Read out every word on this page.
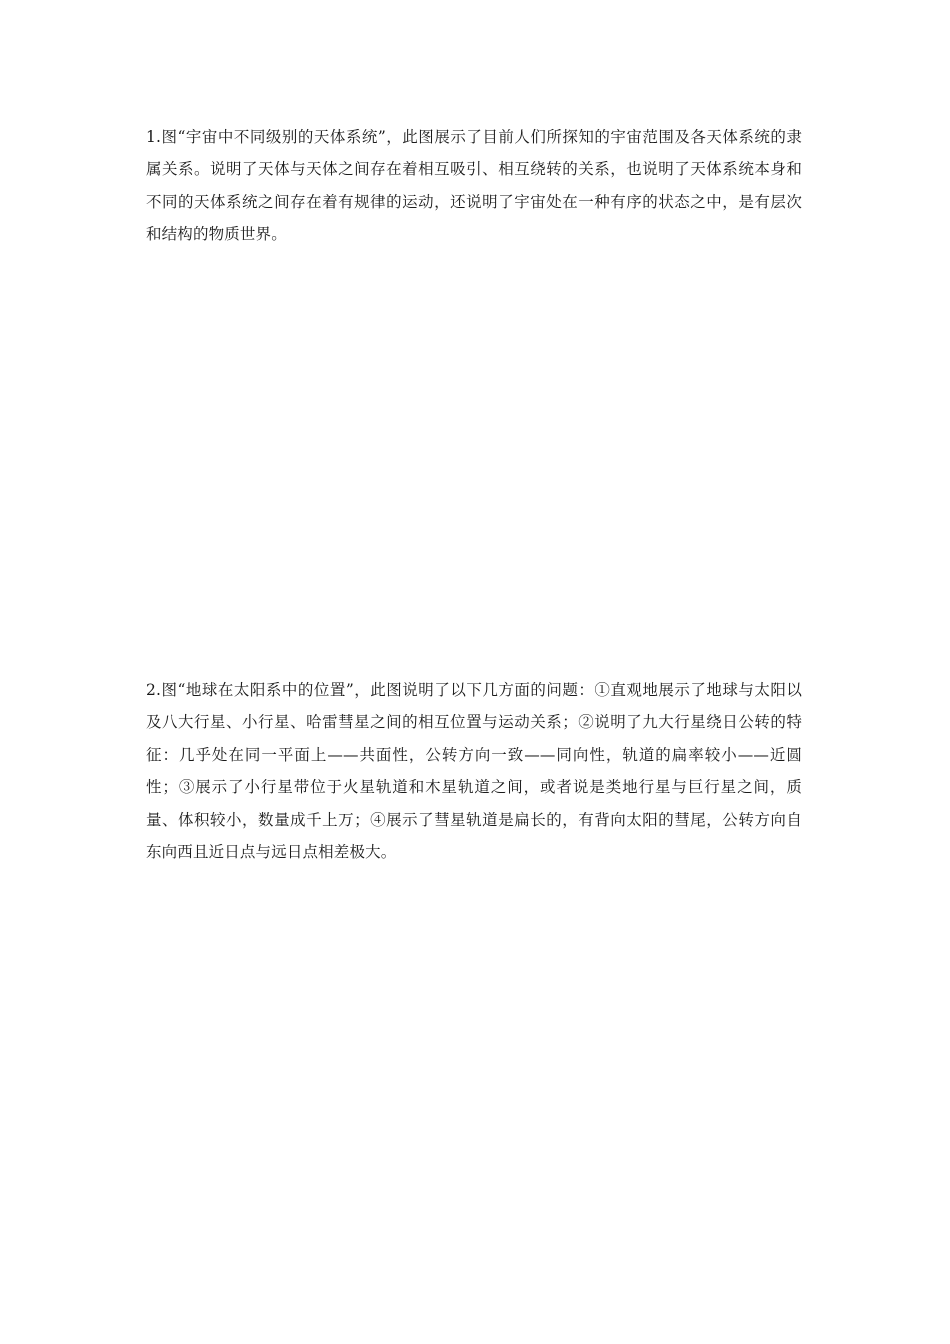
1.图“宇宙中不同级别的天体系统”，此图展示了目前人们所探知的宇宙范围及各天体系统的隶属关系。说明了天体与天体之间存在着相互吸引、相互绕转的关系，也说明了天体系统本身和不同的天体系统之间存在着有规律的运动，还说明了宇宙处在一种有序的状态之中，是有层次和结构的物质世界。

2.图“地球在太阳系中的位置”，此图说明了以下几方面的问题：①直观地展示了地球与太阳以及八大行星、小行星、哈雷彗星之间的相互位置与运动关系；②说明了九大行星绕日公转的特征：几乎处在同一平面上——共面性，公转方向一致——同向性，轨道的扁率较小——近圆性；③展示了小行星带位于火星轨道和木星轨道之间，或者说是类地行星与巨行星之间，质量、体积较小，数量成千上万；④展示了彗星轨道是扁长的，有背向太阳的彗尾，公转方向自东向西且近日点与远日点相差极大。
